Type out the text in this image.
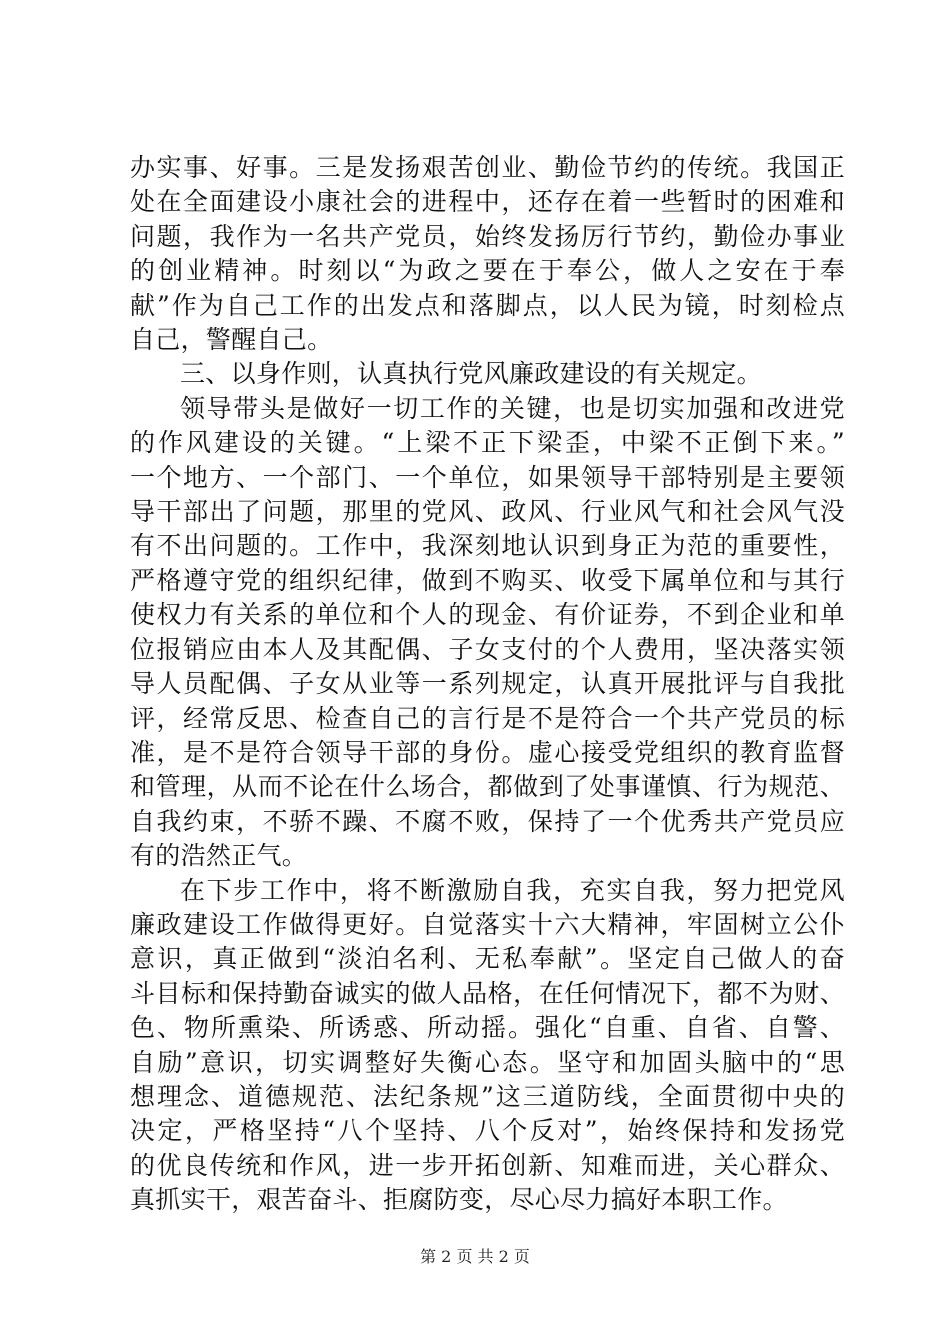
办实事、好事。三是发扬艰苦创业、勤俭节约的传统。我国正
处在全面建设小康社会的进程中，还存在着一些暂时的困难和
问题，我作为一名共产党员，始终发扬厉行节约，勤俭办事业
的创业精神。时刻以“为政之要在于奉公，做人之安在于奉
献”作为自己工作的出发点和落脚点，以人民为镜，时刻检点
自己，警醒自己。
三、以身作则，认真执行党风廉政建设的有关规定。
领导带头是做好一切工作的关键，也是切实加强和改进党
的作风建设的关键。“上梁不正下梁歪，中梁不正倒下来。”
一个地方、一个部门、一个单位，如果领导干部特别是主要领
导干部出了问题，那里的党风、政风、行业风气和社会风气没
有不出问题的。工作中，我深刻地认识到身正为范的重要性，
严格遵守党的组织纪律，做到不购买、收受下属单位和与其行
使权力有关系的单位和个人的现金、有价证券，不到企业和单
位报销应由本人及其配偶、子女支付的个人费用，坚决落实领
导人员配偶、子女从业等一系列规定，认真开展批评与自我批
评，经常反思、检查自己的言行是不是符合一个共产党员的标
准，是不是符合领导干部的身份。虚心接受党组织的教育监督
和管理，从而不论在什么场合，都做到了处事谨慎、行为规范、
自我约束，不骄不躁、不腐不败，保持了一个优秀共产党员应
有的浩然正气。
在下步工作中，将不断激励自我，充实自我，努力把党风
廉政建设工作做得更好。自觉落实十六大精神，牢固树立公仆
意识，真正做到“淡泊名利、无私奉献”。坚定自己做人的奋
斗目标和保持勤奋诚实的做人品格，在任何情况下，都不为财、
色、物所熏染、所诱惑、所动摇。强化“自重、自省、自警、
自励”意识，切实调整好失衡心态。坚守和加固头脑中的“思
想理念、道德规范、法纪条规”这三道防线，全面贯彻中央的
决定，严格坚持“八个坚持、八个反对”，始终保持和发扬党
的优良传统和作风，进一步开拓创新、知难而进，关心群众、
真抓实干，艰苦奋斗、拒腐防变，尽心尽力搞好本职工作。
第 2 页 共 2 页
